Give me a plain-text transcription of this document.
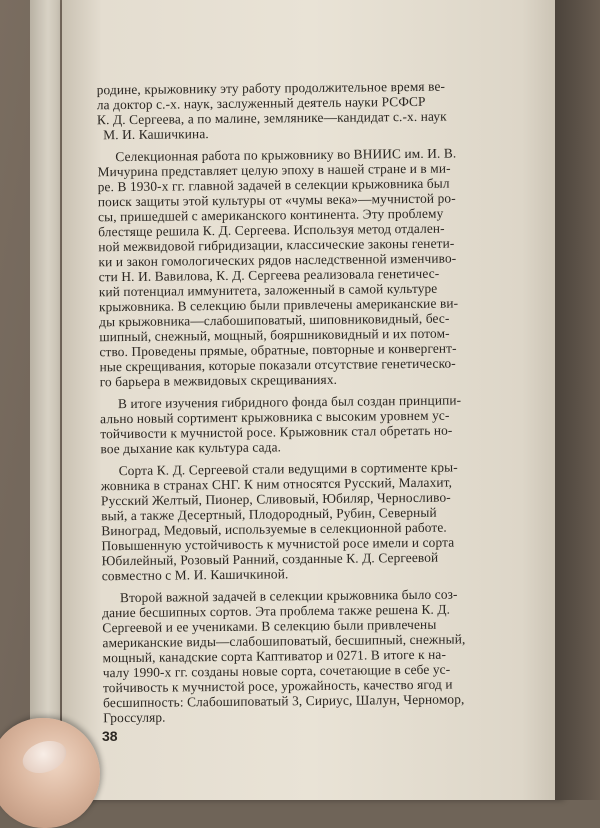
родине, крыжовнику эту работу продолжительное время ве-
ла доктор с.-х. наук, заслуженный деятель науки РСФСР
К. Д. Сергеева, а по малине, землянике—кандидат с.-х. наук
М. И. Кашичкина.

Селекционная работа по крыжовнику во ВНИИС им. И. В.
Мичурина представляет целую эпоху в нашей стране и в ми-
ре. В 1930-х гг. главной задачей в селекции крыжовника был
поиск защиты этой культуры от «чумы века»—мучнистой ро-
сы, пришедшей с американского континента. Эту проблему
блестяще решила К. Д. Сергеева. Используя метод отдален-
ной межвидовой гибридизации, классические законы генети-
ки и закон гомологических рядов наследственной изменчиво-
сти Н. И. Вавилова, К. Д. Сергеева реализовала генетичес-
кий потенциал иммунитета, заложенный в самой культуре
крыжовника. В селекцию были привлечены американские ви-
ды крыжовника—слабошиповатый, шиповниковидный, бес-
шипный, снежный, мощный, бояршниковидный и их потом-
ство. Проведены прямые, обратные, повторные и конвергент-
ные скрещивания, которые показали отсутствие генетическо-
го барьера в межвидовых скрещиваниях.

В итоге изучения гибридного фонда был создан принципи-
ально новый сортимент крыжовника с высоким уровнем ус-
тойчивости к мучнистой росе. Крыжовник стал обретать но-
вое дыхание как культура сада.

Сорта К. Д. Сергеевой стали ведущими в сортименте кры-
жовника в странах СНГ. К ним относятся Русский, Малахит,
Русский Желтый, Пионер, Сливовый, Юбиляр, Черносливо-
вый, а также Десертный, Плодородный, Рубин, Северный
Виноград, Медовый, используемые в селекционной работе.
Повышенную устойчивость к мучнистой росе имели и сорта
Юбилейный, Розовый Ранний, созданные К. Д. Сергеевой
совместно с М. И. Кашичкиной.

Второй важной задачей в селекции крыжовника было соз-
дание бесшипных сортов. Эта проблема также решена К. Д.
Сергеевой и ее учениками. В селекцию были привлечены
американские виды—слабошиповатый, бесшипный, снежный,
мощный, канадские сорта Каптиватор и 0271. В итоге к на-
чалу 1990-х гг. созданы новые сорта, сочетающие в себе ус-
тойчивость к мучнистой росе, урожайность, качество ягод и
бесшипность: Слабошиповатый 3, Сириус, Шалун, Черномор,
Гроссуляр.

38
